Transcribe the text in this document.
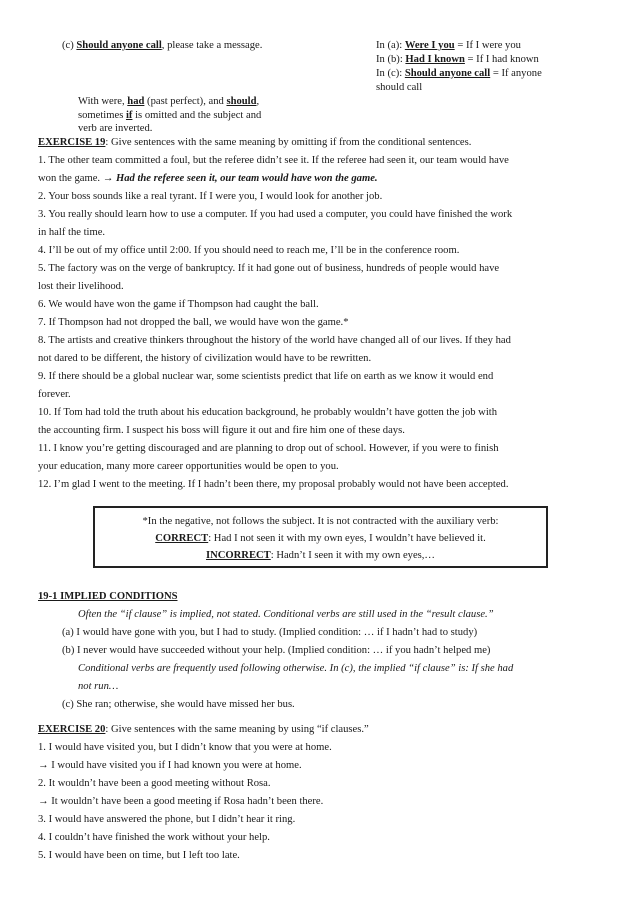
(c) Should anyone call, please take a message.	In (a): Were I you = If I were you
In (b): Had I known = If I had known
In (c): Should anyone call = If anyone
should call
With were, had (past perfect), and should,
sometimes if is omitted and the subject and
verb are inverted.
EXERCISE 19: Give sentences with the same meaning by omitting if from the conditional sentences.
1. The other team committed a foul, but the referee didn’t see it. If the referee had seen it, our team would have
won the game. → Had the referee seen it, our team would have won the game.
2. Your boss sounds like a real tyrant. If I were you, I would look for another job.
3. You really should learn how to use a computer. If you had used a computer, you could have finished the work
in half the time.
4. I’ll be out of my office until 2:00. If you should need to reach me, I’ll be in the conference room.
5. The factory was on the verge of bankruptcy. If it had gone out of business, hundreds of people would have
lost their livelihood.
6. We would have won the game if Thompson had caught the ball.
7. If Thompson had not dropped the ball, we would have won the game.*
8. The artists and creative thinkers throughout the history of the world have changed all of our lives. If they had
not dared to be different, the history of civilization would have to be rewritten.
9. If there should be a global nuclear war, some scientists predict that life on earth as we know it would end
forever.
10. If Tom had told the truth about his education background, he probably wouldn’t have gotten the job with
the accounting firm. I suspect his boss will figure it out and fire him one of these days.
11. I know you’re getting discouraged and are planning to drop out of school. However, if you were to finish
your education, many more career opportunities would be open to you.
12. I’m glad I went to the meeting. If I hadn’t been there, my proposal probably would not have been accepted.
*In the negative, not follows the subject. It is not contracted with the auxiliary verb:
CORRECT: Had I not seen it with my own eyes, I wouldn’t have believed it.
INCORRECT: Hadn’t I seen it with my own eyes,…
19-1 IMPLIED CONDITIONS
Often the “if clause” is implied, not stated. Conditional verbs are still used in the “result clause.”
(a) I would have gone with you, but I had to study. (Implied condition: … if I hadn’t had to study)
(b) I never would have succeeded without your help. (Implied condition: … if you hadn’t helped me)
Conditional verbs are frequently used following otherwise. In (c), the implied “if clause” is: If she had
not run…
(c) She ran; otherwise, she would have missed her bus.
EXERCISE 20: Give sentences with the same meaning by using “if clauses.”
1. I would have visited you, but I didn’t know that you were at home.
→ I would have visited you if I had known you were at home.
2. It wouldn’t have been a good meeting without Rosa.
→ It wouldn’t have been a good meeting if Rosa hadn’t been there.
3. I would have answered the phone, but I didn’t hear it ring.
4. I couldn’t have finished the work without your help.
5. I would have been on time, but I left too late.
